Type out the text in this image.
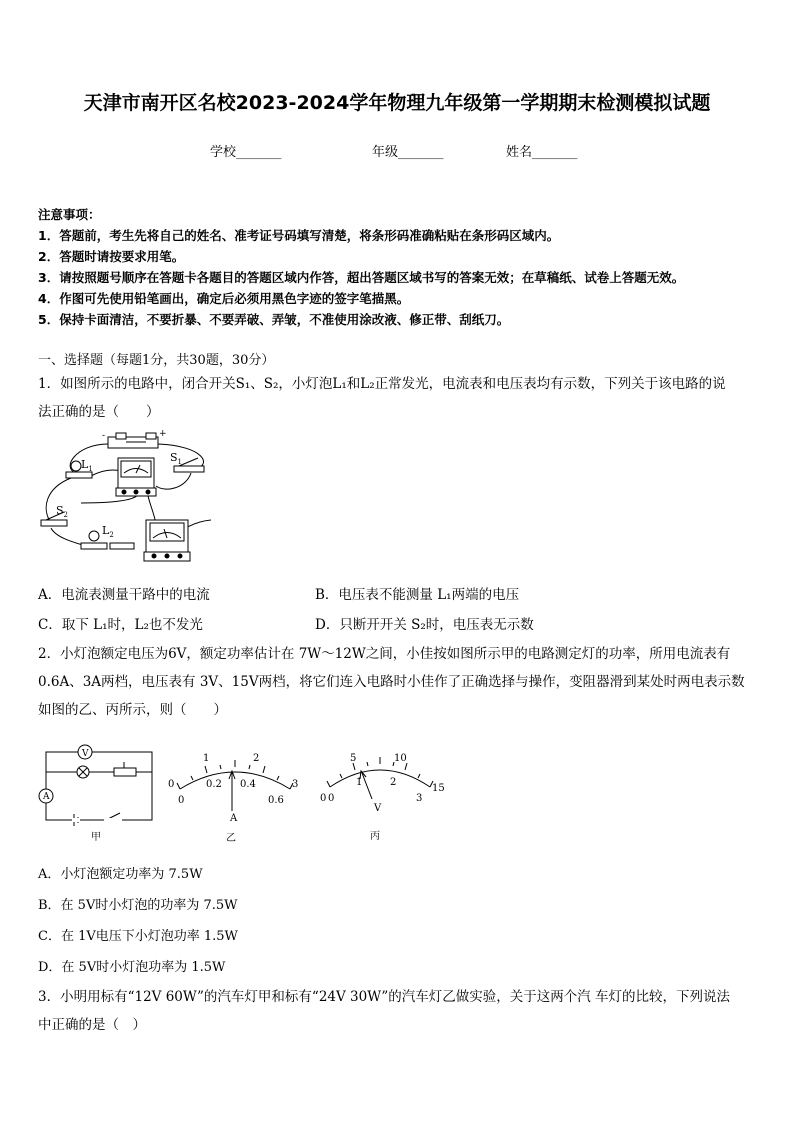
天津市南开区名校2023-2024学年物理九年级第一学期期末检测模拟试题
学校_______	年级_______	姓名_______
注意事项：
1．答题前，考生先将自己的姓名、准考证号码填写清楚，将条形码准确粘贴在条形码区域内。
2．答题时请按要求用笔。
3．请按照题号顺序在答题卡各题目的答题区域内作答，超出答题区域书写的答案无效；在草稿纸、试卷上答题无效。
4．作图可先使用铅笔画出，确定后必须用黑色字迹的签字笔描黑。
5．保持卡面清洁，不要折暴、不要弄破、弄皱，不准使用涂改液、修正带、刮纸刀。
一、选择题（每题1分，共30题，30分）
1．如图所示的电路中，闭合开关S₁、S₂，小灯泡L₁和L₂正常发光，电流表和电压表均有示数，下列关于该电路的说
法正确的是（　　）
+
-
$L_1$
$S_1$
$S_2$
$L_2$
A．电流表测量干路中的电流	B．电压表不能测量 L₁两端的电压
C．取下 L₁时，L₂也不发光	D．只断开开关 S₂时，电压表无示数
2．小灯泡额定电压为6V，额定功率估计在 7W～12W之间，小佳按如图所示甲的电路测定灯的功率，所用电流表有
0.6A、3A两档，电压表有 3V、15V两档，将它们连入电路时小佳作了正确选择与操作，变阻器滑到某处时两电表示数
如图的乙、丙所示，则（　　）
V
A
甲
0
1	2
3
0
0.2 0.4
0.6
A
乙
0
5	10
15
0
1	2
3
V
丙
A．小灯泡额定功率为 7.5W
B．在 5V时小灯泡的功率为 7.5W
C．在 1V电压下小灯泡功率 1.5W
D．在 5V时小灯泡功率为 1.5W
3．小明用标有“12V 60W”的汽车灯甲和标有“24V 30W”的汽车灯乙做实验，关于这两个汽 车灯的比较，下列说法
中正确的是（　）
